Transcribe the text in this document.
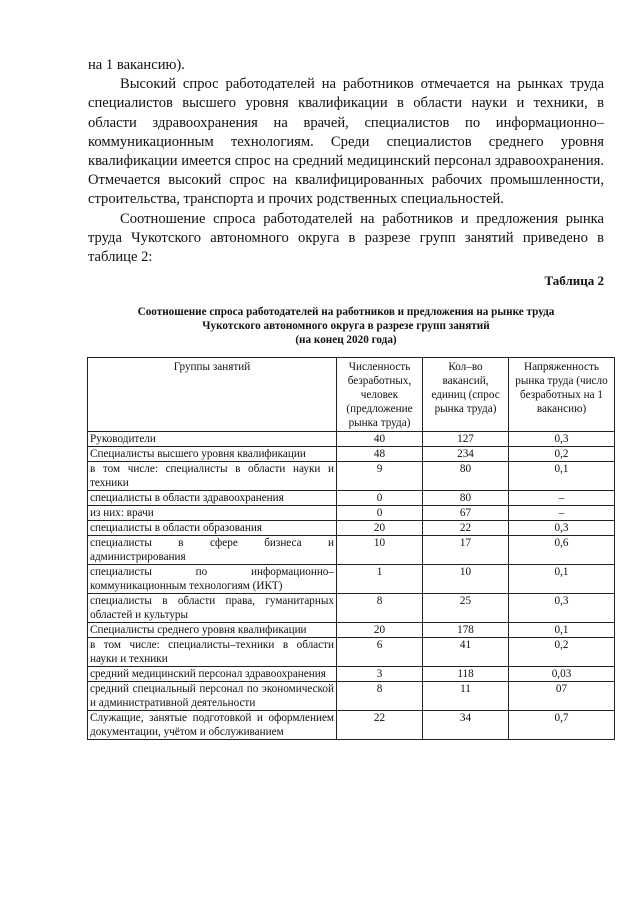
на 1 вакансию).

Высокий спрос работодателей на работников отмечается на рынках труда специалистов высшего уровня квалификации в области науки и техники, в области здравоохранения на врачей, специалистов по информационно–коммуникационным технологиям. Среди специалистов среднего уровня квалификации имеется спрос на средний медицинский персонал здравоохранения. Отмечается высокий спрос на квалифицированных рабочих промышленности, строительства, транспорта и прочих родственных специальностей.

Соотношение спроса работодателей на работников и предложения рынка труда Чукотского автономного округа в разрезе групп занятий приведено в таблице 2:

Таблица 2
Соотношение спроса работодателей на работников и предложения на рынке труда
Чукотского автономного округа в разрезе групп занятий
(на конец 2020 года)
Группы занятий	Численность безработных, человек (предложение рынка труда)	Кол–во вакансий, единиц (спрос рынка труда)	Напряженность рынка труда (число безработных на 1 вакансию)
Руководители	40	127	0,3
Специалисты высшего уровня квалификации	48	234	0,2
в том числе: специалисты в области науки и техники	9	80	0,1
специалисты в области здравоохранения	0	80	–
из них: врачи	0	67	–
специалисты в области образования	20	22	0,3
специалисты в сфере бизнеса и администрирования	10	17	0,6
специалисты по информационно–коммуникационным технологиям (ИКТ)	1	10	0,1
специалисты в области права, гуманитарных областей и культуры	8	25	0,3
Специалисты среднего уровня квалификации	20	178	0,1
в том числе: специалисты–техники в области науки и техники	6	41	0,2
средний медицинский персонал здравоохранения	3	118	0,03
средний специальный персонал по экономической и административной деятельности	8	11	07
Служащие, занятые подготовкой и оформлением документации, учётом и обслуживанием	22	34	0,7
